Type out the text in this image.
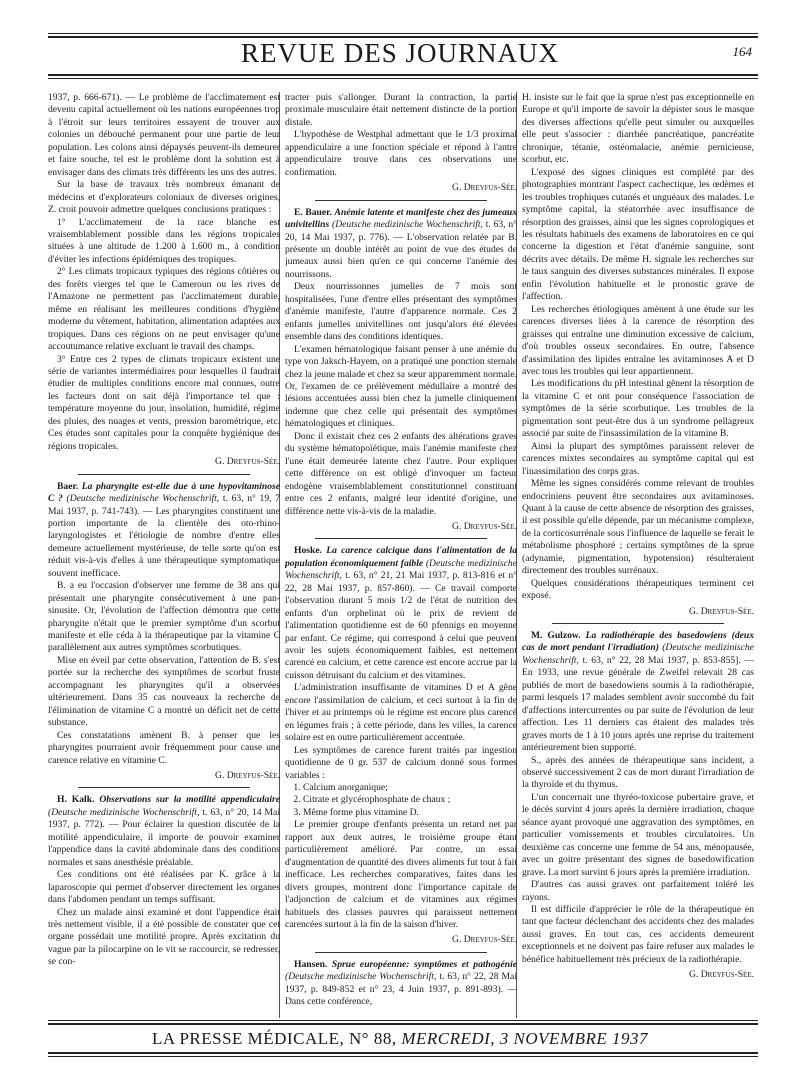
REVUE DES JOURNAUX	164

1937, p. 666-671). — Le problème de l'acclimatement est devenu capital actuellement où les nations européennes trop à l'étroit sur leurs territoires essayent de trouver aux colonies un débouché permanent pour une partie de leur population. Les colons ainsi dépaysés peuvent-ils demeurer et faire souche, tel est le problème dont la solution est à envisager dans des climats très différents les uns des autres.

Sur la base de travaux très nombreux émanant de médecins et d'explorateurs coloniaux de diverses origines, Z. croit pouvoir admettre quelques conclusions pratiques :

1° L'acclimatement de la race blanche est vraisemblablement possible dans les régions tropicales situées à une altitude de 1.200 à 1.600 m., à condition d'éviter les infections épidémiques des tropiques.

2° Les climats tropicaux typiques des régions côtières ou des forêts vierges tel que le Cameroun ou les rives de l'Amazone ne permettent pas l'acclimatement durable, même en réalisant les meilleures conditions d'hygiène moderne du vêtement, habitation, alimentation adaptées aux tropiques. Dans ces régions on ne peut envisager qu'une accoutumance relative excluant le travail des champs.

3° Entre ces 2 types de climats tropicaux existent une série de variantes intermédiaires pour lesquelles il faudrait étudier de multiples conditions encore mal connues, outre les facteurs dont on sait déjà l'importance tel que : température moyenne du jour, insolation, humidité, régime des pluies, des nuages et vents, pression barométrique, etc. Ces études sont capitales pour la conquête hygiénique des régions tropicales.

G. Dreyfus-Sée.

Baer. La pharyngite est-elle due à une hypovitaminose C ? (Deutsche medizinische Wochenschrift, t. 63, n° 19, 7 Mai 1937, p. 741-743). — Les pharyngites constituent une portion importante de la clientèle des oto-rhino-laryngologistes et l'étiologie de nombre d'entre elles demeure actuellement mystérieuse, de telle sorte qu'on est réduit vis-à-vis d'elles à une thérapeutique symptomatique souvent inefficace.

B. a eu l'occasion d'observer une femme de 38 ans qui présentait une pharyngite consécutivement à une pan-sinusite. Or, l'évolution de l'affection démontra que cette pharyngite n'était que le premier symptôme d'un scorbut manifeste et elle céda à la thérapeutique par la vitamine C parallèlement aux autres symptômes scorbutiques.

Mise en éveil par cette observation, l'attention de B. s'est portée sur la recherche des symptômes de scorbut fruste accompagnant les pharyngites qu'il a observées ultérieurement. Dans 35 cas nouveaux la recherche de l'élimination de vitamine C a montré un déficit net de cette substance.

Ces constatations amènent B. à penser que les pharyngites pourraient avoir fréquemment pour cause une carence relative en vitamine C.

G. Dreyfus-Sée.

H. Kalk. Observations sur la motilité appendiculaire (Deutsche medizinische Wochenschrift, t. 63, n° 20, 14 Mai 1937, p. 772). — Pour éclairer la question discutée de la motilité appendiculaire, il importe de pouvoir examiner l'appendice dans la cavité abdominale dans des conditions normales et sans anesthésie préalable.

Ces conditions ont été réalisées par K. grâce à la laparoscopie qui permet d'observer directement les organes dans l'abdomen pendant un temps suffisant.

Chez un malade ainsi examiné et dont l'appendice était très nettement visible, il a été possible de constater que cet organe possédait une motilité propre. Après excitation du vague par la pilocarpine on le vit se raccourcir, se redresser, se con-

tracter puis s'allonger. Durant la contraction, la partie proximale musculaire était nettement distincte de la portion distale.

L'hypothèse de Westphal admettant que le 1/3 proximal appendiculaire a une fonction spéciale et répond à l'antre appendiculaire trouve dans ces observations une confirmation.

G. Dreyfus-Sée.

E. Bauer. Anémie latente et manifeste chez des jumeaux univitellins (Deutsche medizinische Wochenschrift, t. 63, n° 20, 14 Mai 1937, p. 776). — L'observation relatée par B. présente un double intérêt au point de vue des études de jumeaux aussi bien qu'en ce qui concerne l'anémie des nourrissons.

Deux nourrissonnes jumelles de 7 mois sont hospitalisées, l'une d'entre elles présentant des symptômes d'anémie manifeste, l'autre d'apparence normale. Ces 2 enfants jumelles univitellines ont jusqu'alors été élevées ensemble dans des conditions identiques.

L'examen hématologique faisant penser à une anémie du type von Jaksch-Hayem, on a pratiqué une ponction sternale chez la jeune malade et chez sa sœur apparemment normale. Or, l'examen de ce prélèvement médullaire a montré des lésions accentuées aussi bien chez la jumelle cliniquement indemne que chez celle qui présentait des symptômes hématologiques et cliniques.

Donc il existait chez ces 2 enfants des altérations graves du système hématopoïétique, mais l'anémie manifeste chez l'une était demeurée latente chez l'autre. Pour expliquer cette différence on est obligé d'invoquer un facteur endogène vraisemblablement constitutionnel constituant entre ces 2 enfants, malgré leur identité d'origine, une différence nette vis-à-vis de la maladie.

G. Dreyfus-Sée.

Hoske. La carence calcique dans l'alimentation de la population économiquement faible (Deutsche medizinische Wochenschrift, t. 63, n° 21, 21 Mai 1937, p. 813-816 et n° 22, 28 Mai 1937, p. 857-860). — Ce travail comporte l'observation durant 5 mois 1/2 de l'état de nutrition des enfants d'un orphelinat où le prix de revient de l'alimentation quotidienne est de 60 pfennigs en moyenne par enfant. Ce régime, qui correspond à celui que peuvent avoir les sujets économiquement faibles, est nettement carencé en calcium, et cette carence est encore accrue par la cuisson détruisant du calcium et des vitamines.

L'administration insuffisante de vitamines D et A gêne encore l'assimilation de calcium, et ceci surtout à la fin de l'hiver et au printemps où le régime est encore plus carencé en légumes frais ; à cette période, dans les villes, la carence solaire est en outre particulièrement accentuée.

Les symptômes de carence furent traités par ingestion quotidienne de 0 gr. 537 de calcium donné sous formes variables :

1. Calcium anorganique;
2. Citrate et glycérophosphate de chaux ;
3. Même forme plus vitamine D.

Le premier groupe d'enfants présenta un retard net par rapport aux deux autres, le troisième groupe étant particulièrement amélioré. Par contre, un essai d'augmentation de quantité des divers aliments fut tout à fait inefficace. Les recherches comparatives, faites dans les divers groupes, montrent donc l'importance capitale de l'adjonction de calcium et de vitamines aux régimes habituels des classes pauvres qui paraissent nettement carencées surtout à la fin de la saison d'hiver.

G. Dreyfus-Sée.

Hansen. Sprue européenne: symptômes et pathogénie (Deutsche medizinische Wochenschrift, t. 63, n° 22, 28 Mai 1937, p. 849-852 et n° 23, 4 Juin 1937, p. 891-893). — Dans cette conférence,

H. insiste sur le fait que la sprue n'est pas exceptionnelle en Europe et qu'il importe de savoir la dépister sous le masque des diverses affections qu'elle peut simuler ou auxquelles elle peut s'associer : diarrhée pancréatique, pancréatite chronique, tétanie, ostéomalacie, anémie pernicieuse, scorbut, etc.

L'exposé des signes cliniques est complété par des photographies montrant l'aspect cachectique, les œdèmes et les troubles trophiques cutanés et unguéaux des malades. Le symptôme capital, la stéatorrhée avec insuffisance de résorption des graisses, ainsi que les signes coprologiques et les résultats habituels des examens de laboratoires en ce qui concerne la digestion et l'état d'anémie sanguine, sont décrits avec détails. De même H. signale les recherches sur le taux sanguin des diverses substances minérales. Il expose enfin l'évolution habituelle et le pronostic grave de l'affection.

Les recherches étiologiques amènent à une étude sur les carences diverses liées à la carence de résorption des graisses qui entraîne une diminution excessive de calcium, d'où troubles osseux secondaires. En outre, l'absence d'assimilation des lipides entraîne les avitaminoses A et D avec tous les troubles qui leur appartiennent.

Les modifications du pH intestinal gênent la résorption de la vitamine C et ont pour conséquence l'association de symptômes de la série scorbutique. Les troubles de la pigmentation sont peut-être dus à un syndrome pellagreux associé par suite de l'insassimilation de la vitamine B.

Ainsi la plupart des symptômes paraissent relever de carences mixtes secondaires au symptôme capital qui est l'inassimilation des corps gras.

Même les signes considérés comme relevant de troubles endocriniens peuvent être secondaires aux avitaminoses. Quant à la cause de cette absence de résorption des graisses, il est possible qu'elle dépende, par un mécanisme complexe, de la corticosurrénale sous l'influence de laquelle se ferait le métabolisme phosphoré ; certains symptômes de la sprue (adynamie, pigmentation, hypotension) résulteraient directement des troubles surrénaux.

Quelques considérations thérapeutiques terminent cet exposé.

G. Dreyfus-Sée.

M. Gulzow. La radiothérapie des basedowiens (deux cas de mort pendant l'irradiation) (Deutsche medizinische Wochenschrift, t. 63, n° 22, 28 Mai 1937, p. 853-855]. — En 1933, une revue générale de Zweifel relevait 28 cas publiés de mort de basedowiens soumis à la radiothérapie, parmi lesquels 17 malades semblent avoir succombé du fait d'affections intercurrentes ou par suite de l'évolution de leur affection. Les 11 derniers cas étaient des malades très graves morts de 1 à 10 jours après une reprise du traitement antérieurement bien supporté.

S., après des années de thérapeutique sans incident, a observé successivement 2 cas de mort durant l'irradiation de la thyroïde et du thymus.

L'un concernait une thyréo-toxicose pubertaire grave, et le décès survint 4 jours après la dernière irradiation, chaque séance ayant provoqué une aggravation des symptômes, en particulier vomissements et troubles circulatoires. Un deuxième cas concerne une femme de 54 ans, ménopausée, avec un goitre présentant des signes de basedowification grave. La mort survint 6 jours après la première irradiation.

D'autres cas aussi graves ont parfaitement toléré les rayons.

Il est difficile d'apprécier le rôle de la thérapeutique en tant que facteur déclenchant des accidents chez des malades aussi graves. En tout cas, ces accidents demeurent exceptionnels et ne doivent pas faire refuser aux malades le bénéfice habituellement très précieux de la radiothérapie.

G. Dreyfus-Sée.

LA PRESSE MÉDICALE, N° 88, MERCREDI, 3 NOVEMBRE 1937
